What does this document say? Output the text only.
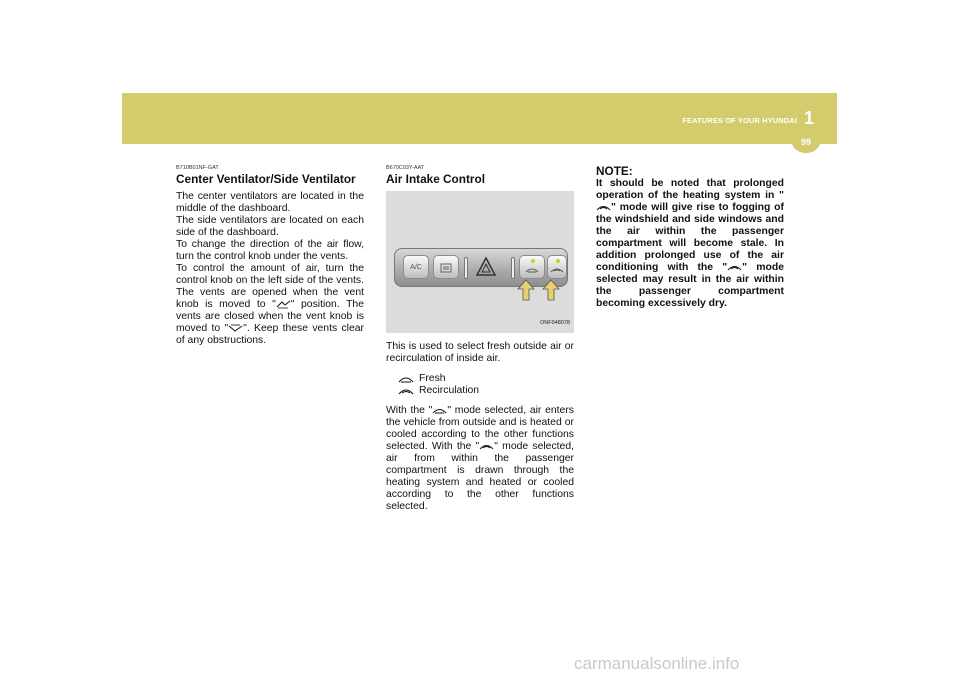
FEATURES OF YOUR HYUNDAI 1
99
B710B01NF-GAT
Center Ventilator/Side Ventilator
The center ventilators are located in the middle of the dashboard.
The side ventilators are located on each side of the dashboard.
To change the direction of the air flow, turn the control knob under the vents.
To control the amount of air, turn the control knob on the left side of the vents. The vents are opened when the vent knob is moved to " " position. The vents are closed when the vent knob is moved to " ". Keep these vents clear of any obstructions.
B670C03Y-AAT
Air Intake Control
A/C
ONF048078
This is used to select fresh outside air or recirculation of inside air.
Fresh
Recirculation
With the " " mode selected, air enters the vehicle from outside and is heated or cooled according to the other functions selected. With the " " mode selected, air from within the passenger compartment is drawn through the heating system and heated or cooled according to the other functions selected.
NOTE:
It should be noted that prolonged operation of the heating system in "" mode will give rise to fogging of the windshield and side windows and the air within the passenger compartment will become stale. In addition prolonged use of the air conditioning with the " " mode selected may result in the air within the passenger compartment becoming excessively dry.
carmanualsonline.info
